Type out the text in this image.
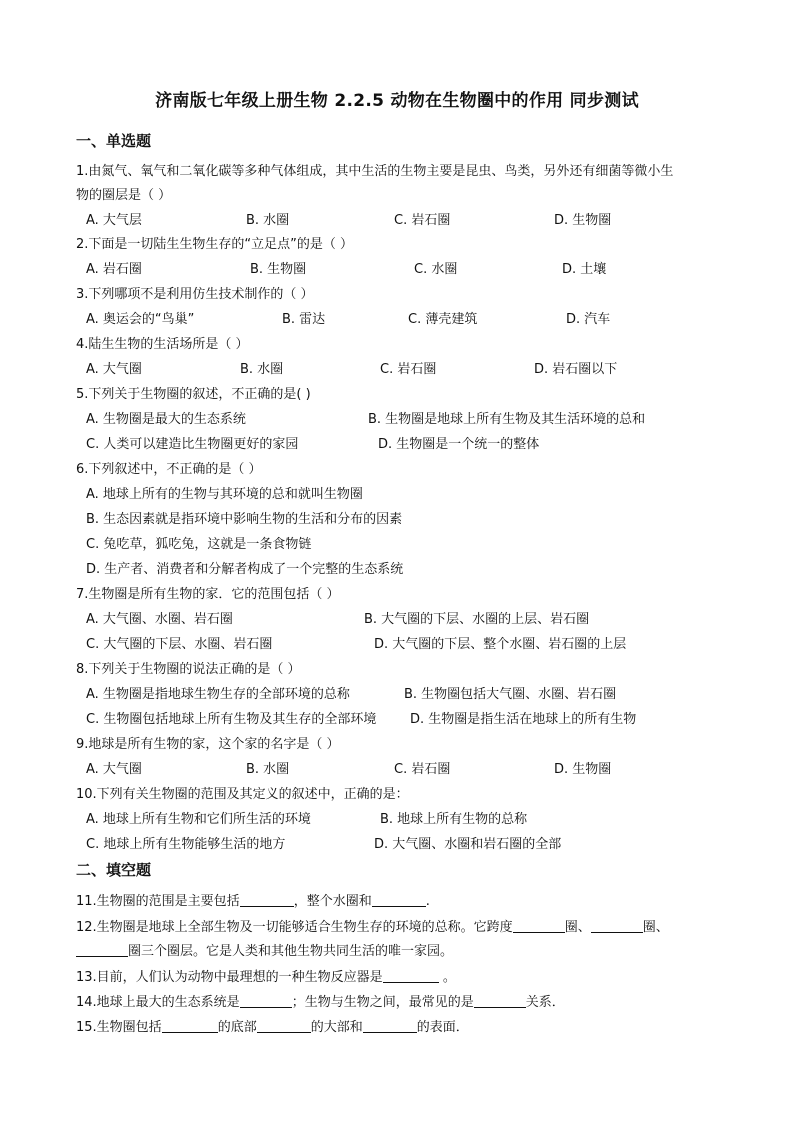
济南版七年级上册生物 2.2.5 动物在生物圈中的作用 同步测试
一、单选题
1.由氮气、氧气和二氧化碳等多种气体组成，其中生活的生物主要是昆虫、鸟类，另外还有细菌等微小生
物的圈层是（ ）
A. 大气层	B. 水圈	C. 岩石圈	D. 生物圈
2.下面是一切陆生生物生存的“立足点”的是（ ）
A. 岩石圈	B. 生物圈	C. 水圈	D. 土壤
3.下列哪项不是利用仿生技术制作的（ ）
A. 奥运会的“鸟巢”	B. 雷达	C. 薄壳建筑	D. 汽车
4.陆生生物的生活场所是（ ）
A. 大气圈	B. 水圈	C. 岩石圈	D. 岩石圈以下
5.下列关于生物圈的叙述，不正确的是( )
A. 生物圈是最大的生态系统	B. 生物圈是地球上所有生物及其生活环境的总和
C. 人类可以建造比生物圈更好的家园	D. 生物圈是一个统一的整体
6.下列叙述中，不正确的是（ ）
A. 地球上所有的生物与其环境的总和就叫生物圈
B. 生态因素就是指环境中影响生物的生活和分布的因素
C. 兔吃草，狐吃兔，这就是一条食物链
D. 生产者、消费者和分解者构成了一个完整的生态系统
7.生物圈是所有生物的家．它的范围包括（ ）
A. 大气圈、水圈、岩石圈	B. 大气圈的下层、水圈的上层、岩石圈
C. 大气圈的下层、水圈、岩石圈	D. 大气圈的下层、整个水圈、岩石圈的上层
8.下列关于生物圈的说法正确的是（ ）
A. 生物圈是指地球生物生存的全部环境的总称	B. 生物圈包括大气圈、水圈、岩石圈
C. 生物圈包括地球上所有生物及其生存的全部环境	D. 生物圈是指生活在地球上的所有生物
9.地球是所有生物的家，这个家的名字是（ ）
A. 大气圈	B. 水圈	C. 岩石圈	D. 生物圈
10.下列有关生物圈的范围及其定义的叙述中，正确的是：
A. 地球上所有生物和它们所生活的环境	B. 地球上所有生物的总称
C. 地球上所有生物能够生活的地方	D. 大气圈、水圈和岩石圈的全部
二、填空题
11.生物圈的范围是主要包括	，整个水圈和	.
12.生物圈是地球上全部生物及一切能够适合生物生存的环境的总称。它跨度	圈、	圈、
圈三个圈层。它是人类和其他生物共同生活的唯一家园。
13.目前，人们认为动物中最理想的一种生物反应器是	。
14.地球上最大的生态系统是	；生物与生物之间，最常见的是	关系．
15.生物圈包括	的底部	的大部和	的表面．
